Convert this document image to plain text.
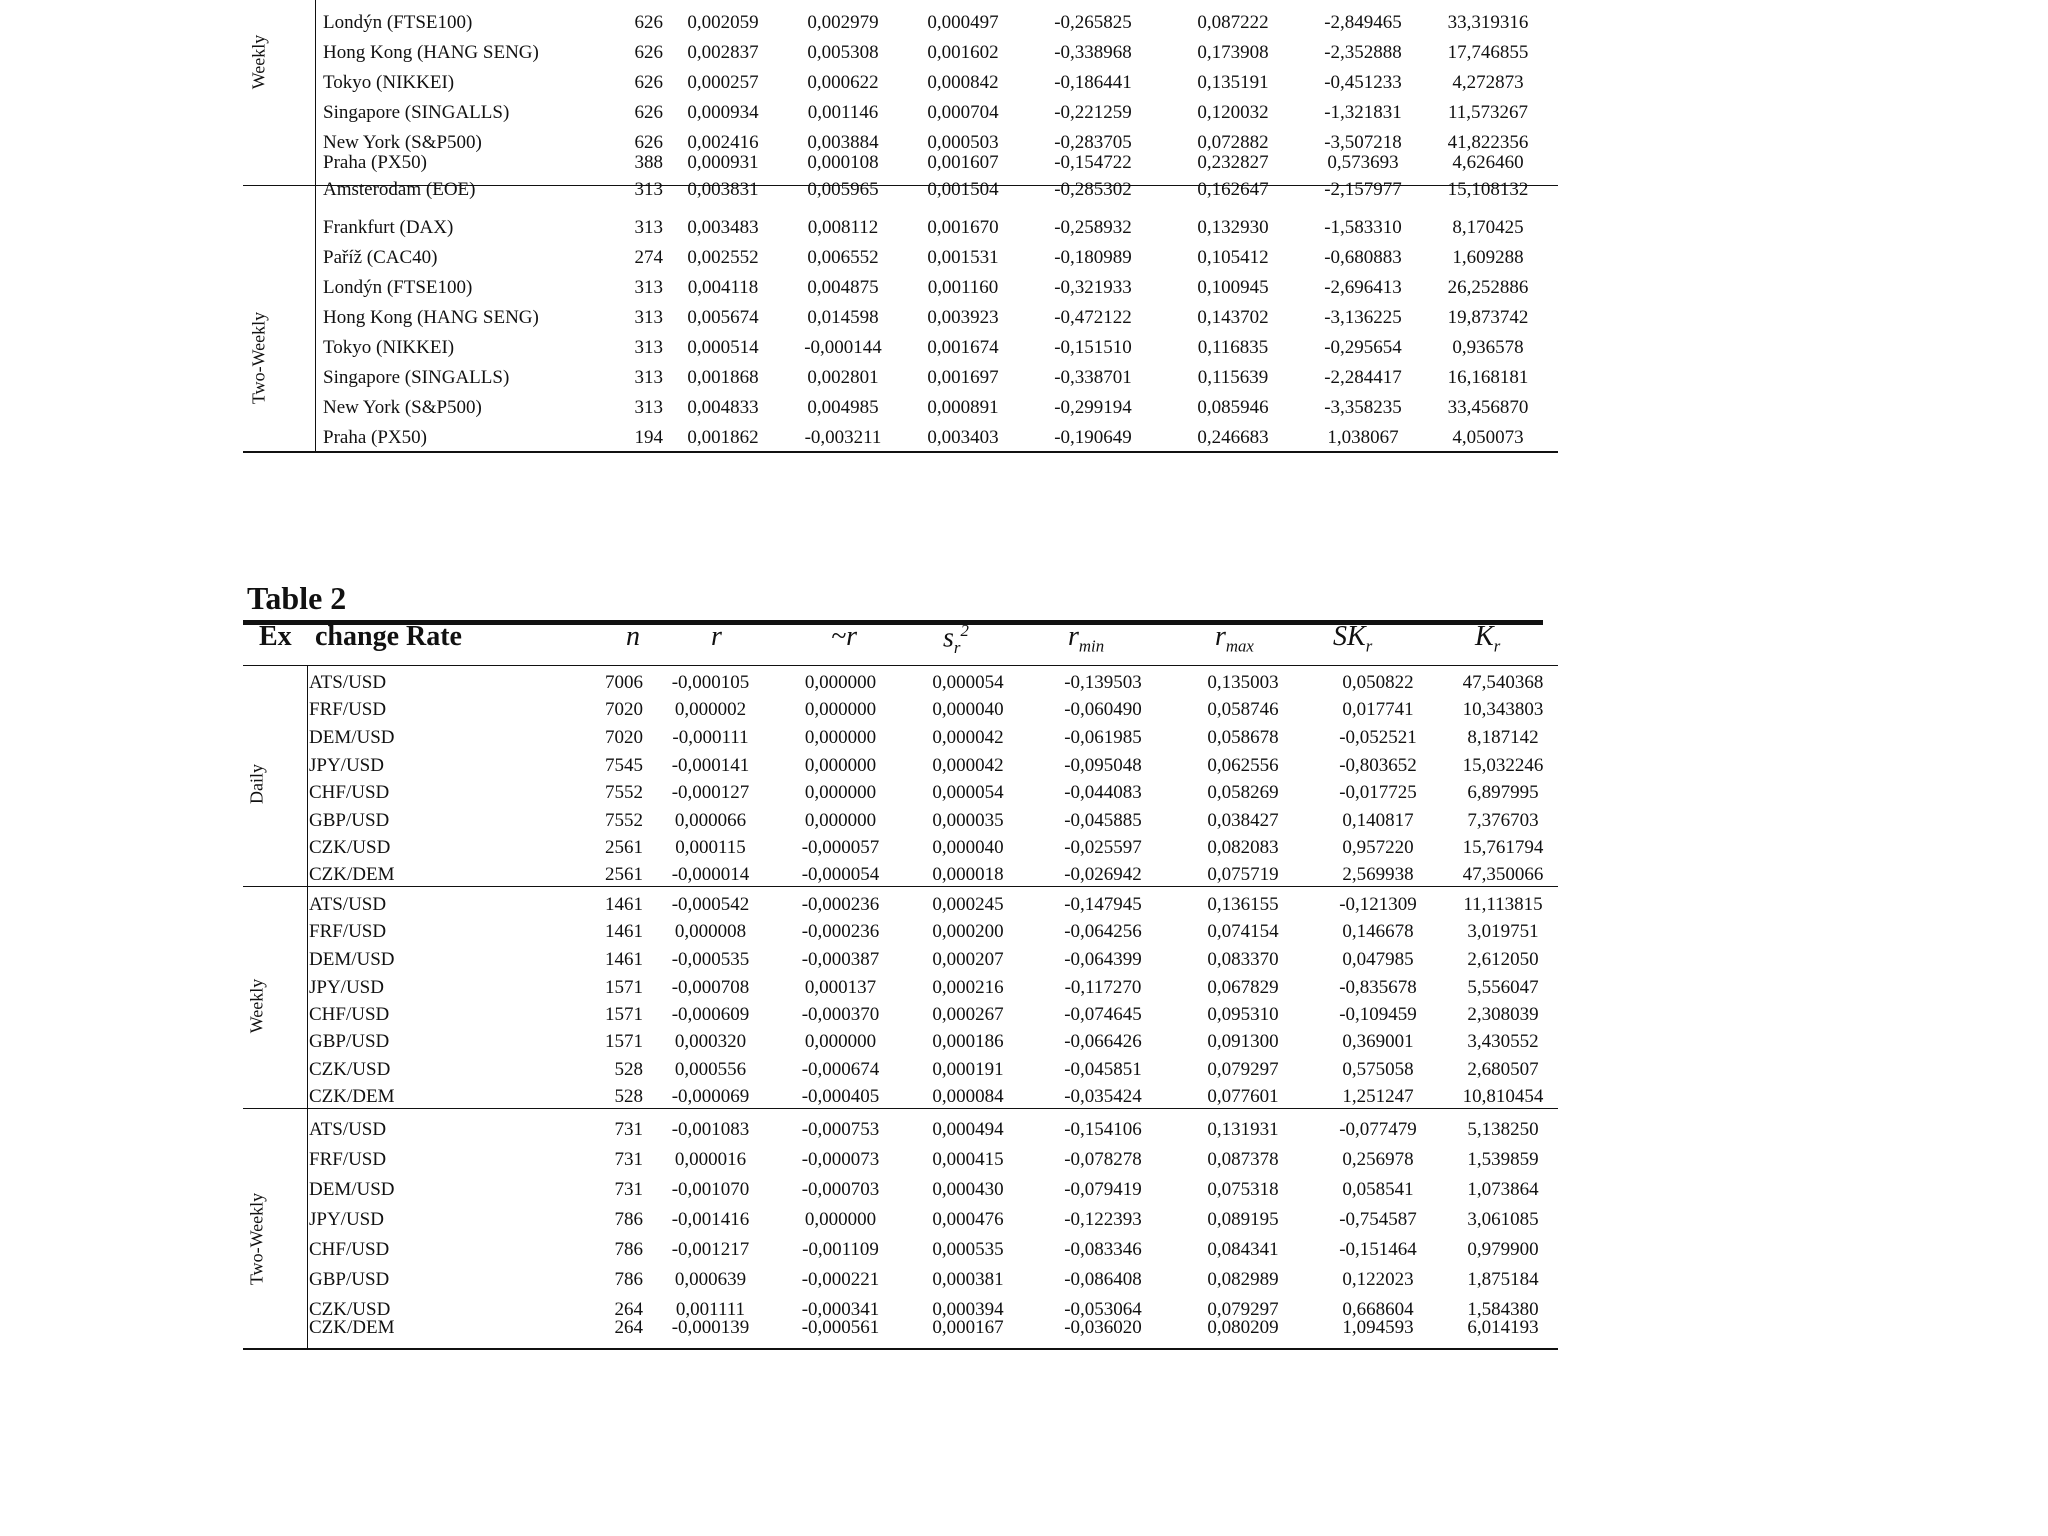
Weekly
Two-Weekly
Londýn (FTSE100)	626	0,002059	0,002979	0,000497	-0,265825	0,087222	-2,849465	33,319316
Hong Kong (HANG SENG)	626	0,002837	0,005308	0,001602	-0,338968	0,173908	-2,352888	17,746855
Tokyo (NIKKEI)	626	0,000257	0,000622	0,000842	-0,186441	0,135191	-0,451233	4,272873
Singapore (SINGALLS)	626	0,000934	0,001146	0,000704	-0,221259	0,120032	-1,321831	11,573267
New York (S&P500)	626	0,002416	0,003884	0,000503	-0,283705	0,072882	-3,507218	41,822356
Praha (PX50)	388	0,000931	0,000108	0,001607	-0,154722	0,232827	0,573693	4,626460
Amsterodam (EOE)	313	0,003831	0,005965	0,001504	-0,285302	0,162647	-2,157977	15,108132
Frankfurt (DAX)	313	0,003483	0,008112	0,001670	-0,258932	0,132930	-1,583310	8,170425
Paříž (CAC40)	274	0,002552	0,006552	0,001531	-0,180989	0,105412	-0,680883	1,609288
Londýn (FTSE100)	313	0,004118	0,004875	0,001160	-0,321933	0,100945	-2,696413	26,252886
Hong Kong (HANG SENG)	313	0,005674	0,014598	0,003923	-0,472122	0,143702	-3,136225	19,873742
Tokyo (NIKKEI)	313	0,000514	-0,000144	0,001674	-0,151510	0,116835	-0,295654	0,936578
Singapore (SINGALLS)	313	0,001868	0,002801	0,001697	-0,338701	0,115639	-2,284417	16,168181
New York (S&P500)	313	0,004833	0,004985	0,000891	-0,299194	0,085946	-3,358235	33,456870
Praha (PX50)	194	0,001862	-0,003211	0,003403	-0,190649	0,246683	1,038067	4,050073
Table 2
Ex change Rate	n	r	~r	$s_r^2$	$r_{min}$	$r_{max}$	$SK_r$	$K_r$
Daily
Weekly
Two-Weekly
ATS/USD	7006	-0,000105	0,000000	0,000054	-0,139503	0,135003	0,050822	47,540368
FRF/USD	7020	0,000002	0,000000	0,000040	-0,060490	0,058746	0,017741	10,343803
DEM/USD	7020	-0,000111	0,000000	0,000042	-0,061985	0,058678	-0,052521	8,187142
JPY/USD	7545	-0,000141	0,000000	0,000042	-0,095048	0,062556	-0,803652	15,032246
CHF/USD	7552	-0,000127	0,000000	0,000054	-0,044083	0,058269	-0,017725	6,897995
GBP/USD	7552	0,000066	0,000000	0,000035	-0,045885	0,038427	0,140817	7,376703
CZK/USD	2561	0,000115	-0,000057	0,000040	-0,025597	0,082083	0,957220	15,761794
CZK/DEM	2561	-0,000014	-0,000054	0,000018	-0,026942	0,075719	2,569938	47,350066
ATS/USD	1461	-0,000542	-0,000236	0,000245	-0,147945	0,136155	-0,121309	11,113815
FRF/USD	1461	0,000008	-0,000236	0,000200	-0,064256	0,074154	0,146678	3,019751
DEM/USD	1461	-0,000535	-0,000387	0,000207	-0,064399	0,083370	0,047985	2,612050
JPY/USD	1571	-0,000708	0,000137	0,000216	-0,117270	0,067829	-0,835678	5,556047
CHF/USD	1571	-0,000609	-0,000370	0,000267	-0,074645	0,095310	-0,109459	2,308039
GBP/USD	1571	0,000320	0,000000	0,000186	-0,066426	0,091300	0,369001	3,430552
CZK/USD	528	0,000556	-0,000674	0,000191	-0,045851	0,079297	0,575058	2,680507
CZK/DEM	528	-0,000069	-0,000405	0,000084	-0,035424	0,077601	1,251247	10,810454
ATS/USD	731	-0,001083	-0,000753	0,000494	-0,154106	0,131931	-0,077479	5,138250
FRF/USD	731	0,000016	-0,000073	0,000415	-0,078278	0,087378	0,256978	1,539859
DEM/USD	731	-0,001070	-0,000703	0,000430	-0,079419	0,075318	0,058541	1,073864
JPY/USD	786	-0,001416	0,000000	0,000476	-0,122393	0,089195	-0,754587	3,061085
CHF/USD	786	-0,001217	-0,001109	0,000535	-0,083346	0,084341	-0,151464	0,979900
GBP/USD	786	0,000639	-0,000221	0,000381	-0,086408	0,082989	0,122023	1,875184
CZK/USD	264	0,001111	-0,000341	0,000394	-0,053064	0,079297	0,668604	1,584380
CZK/DEM	264	-0,000139	-0,000561	0,000167	-0,036020	0,080209	1,094593	6,014193
